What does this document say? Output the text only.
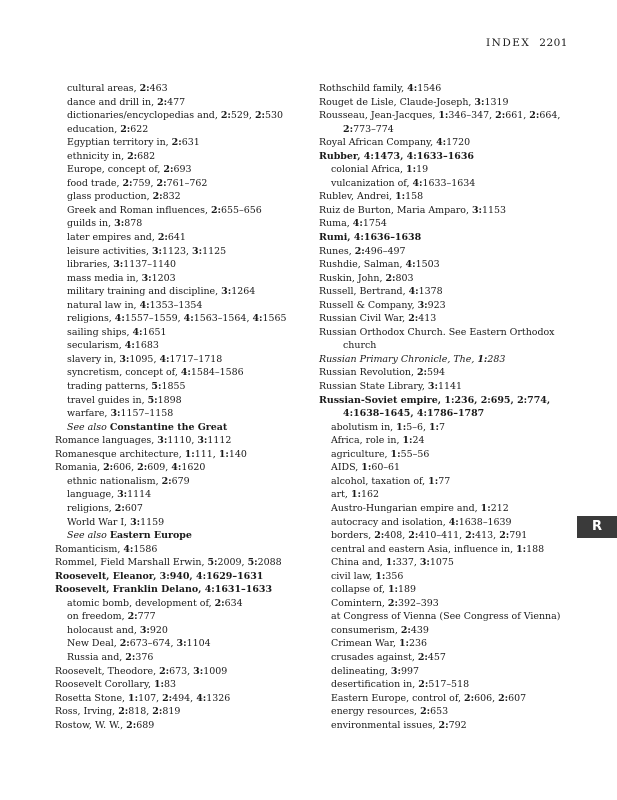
INDEX 2201
cultural areas, 2:463
dance and drill in, 2:477
dictionaries/encyclopedias and, 2:529, 2:530
education, 2:622
Egyptian territory in, 2:631
ethnicity in, 2:682
Europe, concept of, 2:693
food trade, 2:759, 2:761–762
glass production, 2:832
Greek and Roman influences, 2:655–656
guilds in, 3:878
later empires and, 2:641
leisure activities, 3:1123, 3:1125
libraries, 3:1137–1140
mass media in, 3:1203
military training and discipline, 3:1264
natural law in, 4:1353–1354
religions, 4:1557–1559, 4:1563–1564, 4:1565
sailing ships, 4:1651
secularism, 4:1683
slavery in, 3:1095, 4:1717–1718
syncretism, concept of, 4:1584–1586
trading patterns, 5:1855
travel guides in, 5:1898
warfare, 3:1157–1158
See also Constantine the Great
Romance languages, 3:1110, 3:1112
Romanesque architecture, 1:111, 1:140
Romania, 2:606, 2:609, 4:1620
ethnic nationalism, 2:679
language, 3:1114
religions, 2:607
World War I, 3:1159
See also Eastern Europe
Romanticism, 4:1586
Rommel, Field Marshall Erwin, 5:2009, 5:2088
Roosevelt, Eleanor, 3:940, 4:1629–1631
Roosevelt, Franklin Delano, 4:1631–1633
atomic bomb, development of, 2:634
on freedom, 2:777
holocaust and, 3:920
New Deal, 2:673–674, 3:1104
Russia and, 2:376
Roosevelt, Theodore, 2:673, 3:1009
Roosevelt Corollary, 1:83
Rosetta Stone, 1:107, 2:494, 4:1326
Ross, Irving, 2:818, 2:819
Rostow, W. W., 2:689
Rothschild family, 4:1546
Rouget de Lisle, Claude-Joseph, 3:1319
Rousseau, Jean-Jacques, 1:346–347, 2:661, 2:664,
2:773–774
Royal African Company, 4:1720
Rubber, 4:1473, 4:1633–1636
colonial Africa, 1:19
vulcanization of, 4:1633–1634
Rublev, Andrei, 1:158
Ruiz de Burton, Maria Amparo, 3:1153
Ruma, 4:1754
Rumi, 4:1636–1638
Runes, 2:496–497
Rushdie, Salman, 4:1503
Ruskin, John, 2:803
Russell, Bertrand, 4:1378
Russell & Company, 3:923
Russian Civil War, 2:413
Russian Orthodox Church. See Eastern Orthodox
church
Russian Primary Chronicle, The, 1:283
Russian Revolution, 2:594
Russian State Library, 3:1141
Russian-Soviet empire, 1:236, 2:695, 2:774,
4:1638–1645, 4:1786–1787
abolutism in, 1:5–6, 1:7
Africa, role in, 1:24
agriculture, 1:55–56
AIDS, 1:60–61
alcohol, taxation of, 1:77
art, 1:162
Austro-Hungarian empire and, 1:212
autocracy and isolation, 4:1638–1639
borders, 2:408, 2:410–411, 2:413, 2:791
central and eastern Asia, influence in, 1:188
China and, 1:337, 3:1075
civil law, 1:356
collapse of, 1:189
Comintern, 2:392–393
at Congress of Vienna (See Congress of Vienna)
consumerism, 2:439
Crimean War, 1:236
crusades against, 2:457
delineating, 3:997
desertification in, 2:517–518
Eastern Europe, control of, 2:606, 2:607
energy resources, 2:653
environmental issues, 2:792
R
